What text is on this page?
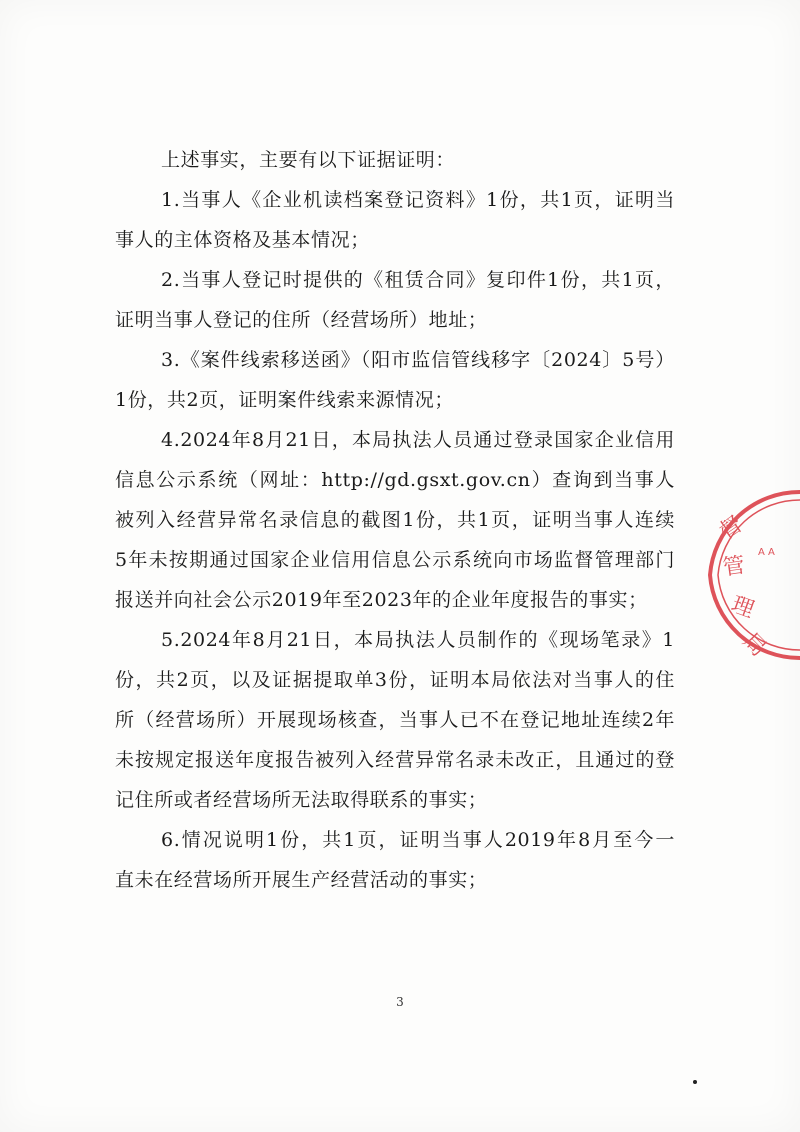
上述事实，主要有以下证据证明：
1.当事人《企业机读档案登记资料》1份，共1页，证明当
事人的主体资格及基本情况；
2.当事人登记时提供的《租赁合同》复印件1份，共1页，
证明当事人登记的住所（经营场所）地址；
3.《案件线索移送函》（阳市监信管线移字〔2024〕5号）
1份，共2页，证明案件线索来源情况；
4.2024年8月21日，本局执法人员通过登录国家企业信用
信息公示系统（网址：http://gd.gsxt.gov.cn）查询到当事人
被列入经营异常名录信息的截图1份，共1页，证明当事人连续
5年未按期通过国家企业信用信息公示系统向市场监督管理部门
报送并向社会公示2019年至2023年的企业年度报告的事实；
5.2024年8月21日，本局执法人员制作的《现场笔录》1
份，共2页，以及证据提取单3份，证明本局依法对当事人的住
所（经营场所）开展现场核查，当事人已不在登记地址连续2年
未按规定报送年度报告被列入经营异常名录未改正，且通过的登
记住所或者经营场所无法取得联系的事实；
6.情况说明1份，共1页，证明当事人2019年8月至今一
直未在经营场所开展生产经营活动的事实；
督
管
理
局
A A
3
